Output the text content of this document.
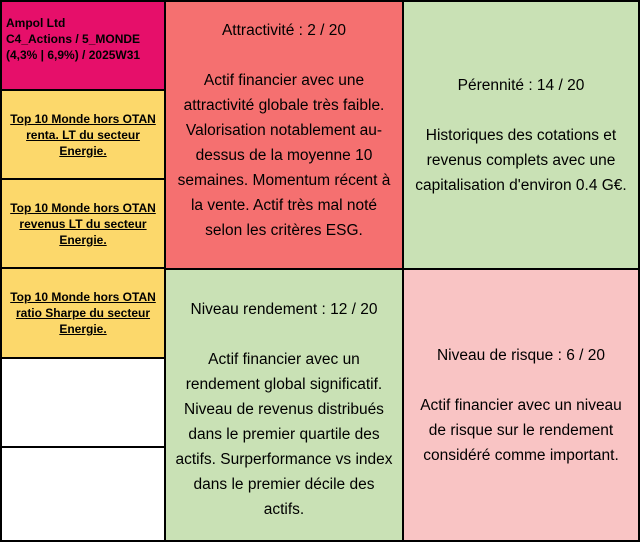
Ampol Ltd
C4_Actions / 5_MONDE
(4,3% | 6,9%) / 2025W31
Top 10 Monde hors OTAN renta. LT du secteur Energie.
Top 10 Monde hors OTAN revenus LT du secteur Energie.
Top 10 Monde hors OTAN ratio Sharpe du secteur Energie.
Attractivité : 2 / 20
Actif financier avec une attractivité globale très faible. Valorisation notablement au-dessus de la moyenne 10 semaines. Momentum récent à la vente. Actif très mal noté selon les critères ESG.
Pérennité : 14 / 20
Historiques des cotations et revenus complets avec une capitalisation d'environ 0.4 G€.
Niveau rendement : 12 / 20
Actif financier avec un rendement global significatif. Niveau de revenus distribués dans le premier quartile des actifs. Surperformance vs index dans le premier décile des actifs.
Niveau de risque : 6 / 20
Actif financier avec un niveau de risque sur le rendement considéré comme important.
